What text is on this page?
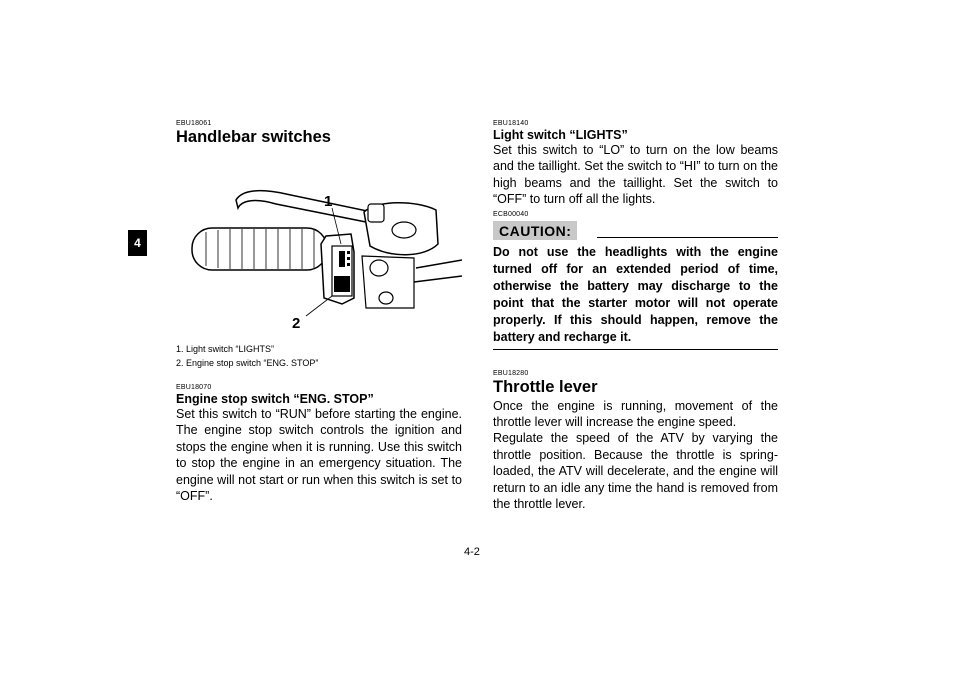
4
EBU18061
Handlebar switches
1
2
1. Light switch “LIGHTS”
2. Engine stop switch “ENG. STOP”
EBU18070
Engine stop switch “ENG. STOP”

Set this switch to “RUN” before starting the engine. The engine stop switch controls the ignition and stops the engine when it is running. Use this switch to stop the engine in an emergency situation. The engine will not start or run when this switch is set to “OFF”.

EBU18140
Light switch “LIGHTS”

Set this switch to “LO” to turn on the low beams and the taillight. Set the switch to “HI” to turn on the high beams and the taillight. Set the switch to “OFF” to turn off all the lights.

ECB00040
CAUTION:

Do not use the headlights with the engine turned off for an extended period of time, otherwise the battery may discharge to the point that the starter motor will not operate properly. If this should happen, remove the battery and recharge it.

EBU18280
Throttle lever

Once the engine is running, movement of the throttle lever will increase the engine speed.

Regulate the speed of the ATV by varying the throttle position. Because the throttle is spring-loaded, the ATV will decelerate, and the engine will return to an idle any time the hand is removed from the throttle lever.

4-2
